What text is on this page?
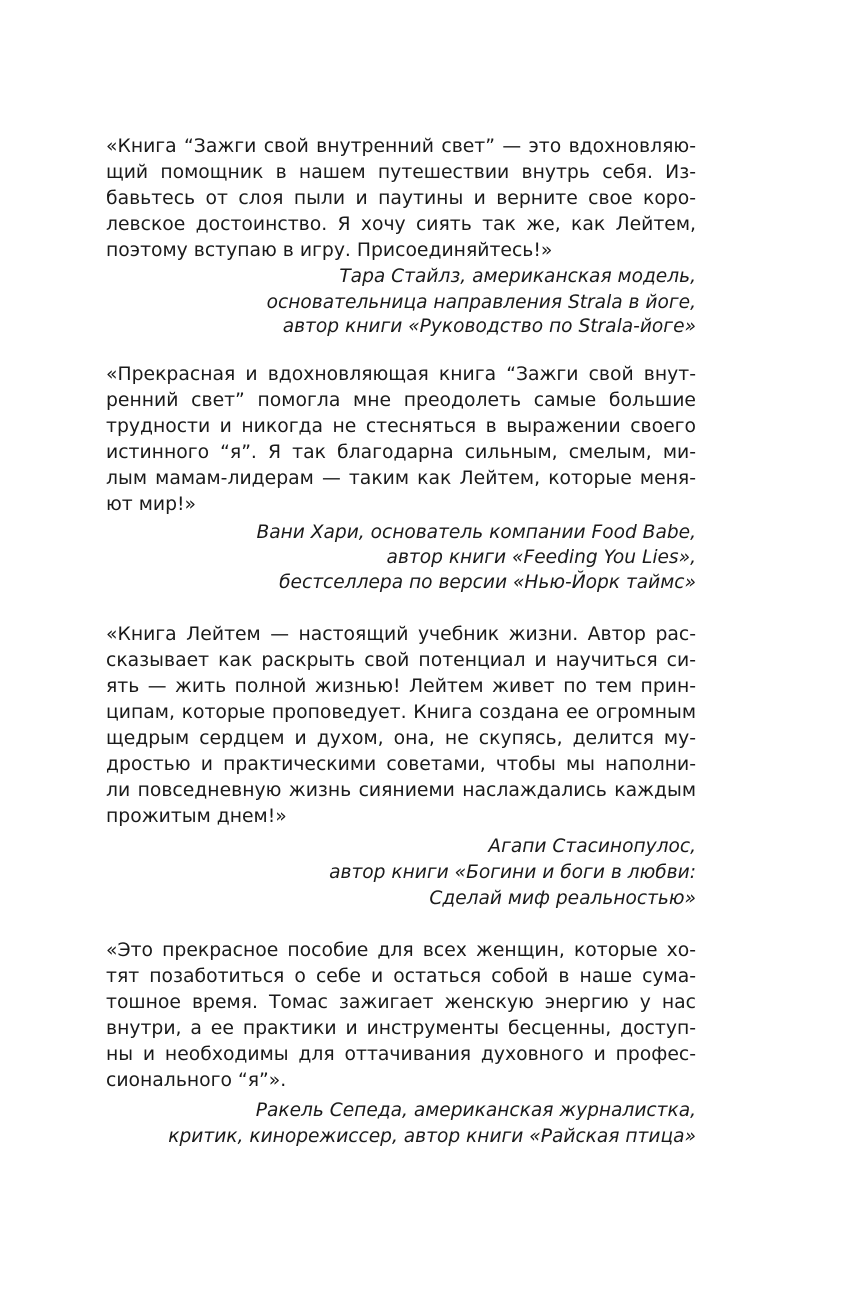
«Книга “Зажги свой внутренний свет” — это вдохновляю-

щий помощник в нашем путешествии внутрь себя. Из-

бавьтесь от слоя пыли и паутины и верните свое коро-

левское достоинство. Я хочу сиять так же, как Лейтем,

поэтому вступаю в игру. Присоединяйтесь!»

Тара Стайлз, американская модель,

основательница направления Strala в йоге,

автор книги «Руководство по Strala-йоге»

«Прекрасная и вдохновляющая книга “Зажги свой внут-

ренний свет” помогла мне преодолеть самые большие

трудности и никогда не стесняться в выражении своего

истинного “я”. Я так благодарна сильным, смелым, ми-

лым мамам-лидерам — таким как Лейтем, которые меня-

ют мир!»

Вани Хари, основатель компании Food Babe,

автор книги «Feeding You Lies»,

бестселлера по версии «Нью-Йорк таймс»

«Книга Лейтем — настоящий учебник жизни. Автор рас-

сказывает как раскрыть свой потенциал и научиться си-

ять — жить полной жизнью! Лейтем живет по тем прин-

ципам, которые проповедует. Книга создана ее огромным

щедрым сердцем и духом, она, не скупясь, делится му-

дростью и практическими советами, чтобы мы наполни-

ли повседневную жизнь сияниеми наслаждались каждым

прожитым днем!»

Агапи Стасинопулос,

автор книги «Богини и боги в любви:

Сделай миф реальностью»

«Это прекрасное пособие для всех женщин, которые хо-

тят позаботиться о себе и остаться собой в наше сума-

тошное время. Томас зажигает женскую энергию у нас

внутри, а ее практики и инструменты бесценны, доступ-

ны и необходимы для оттачивания духовного и профес-

сионального “я”».

Ракель Сепеда, американская журналистка,

критик, кинорежиссер, автор книги «Райская птица»
